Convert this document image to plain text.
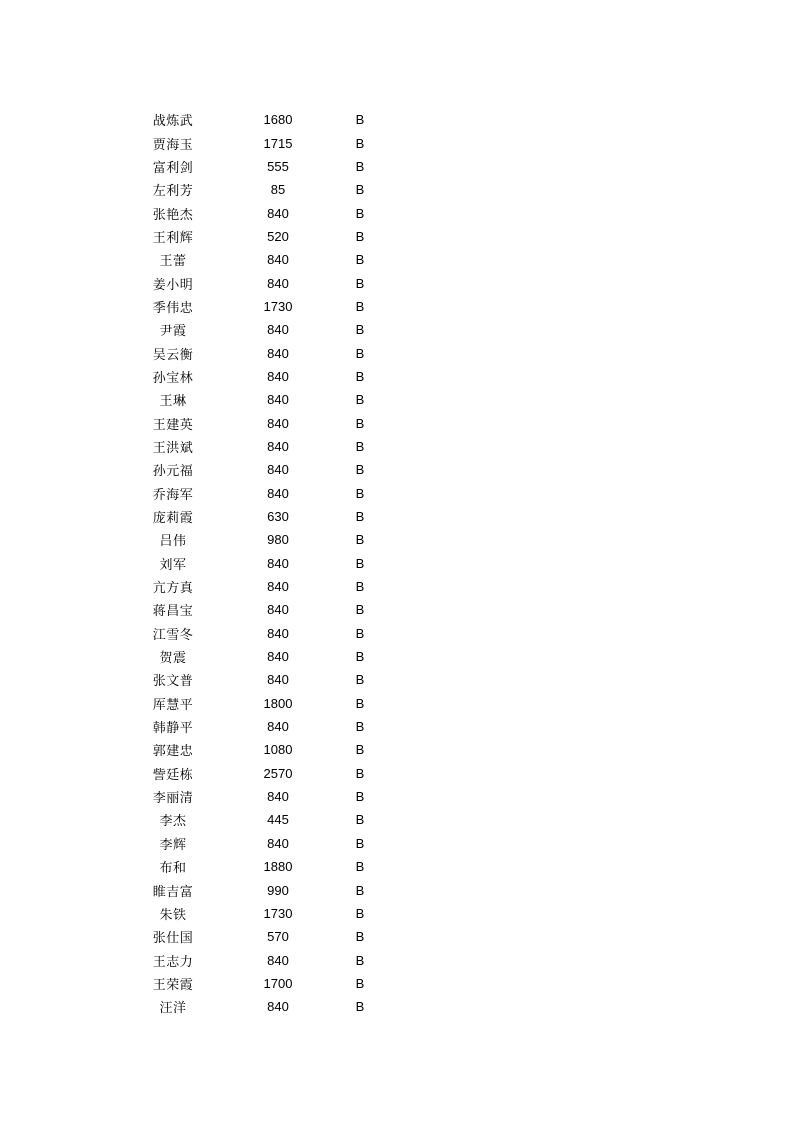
战炼武	1680	B
贾海玉	1715	B
富利剑	555	B
左利芳	85	B
张艳杰	840	B
王利辉	520	B
王蕾	840	B
姜小明	840	B
季伟忠	1730	B
尹霞	840	B
吴云衡	840	B
孙宝林	840	B
王琳	840	B
王建英	840	B
王洪斌	840	B
孙元福	840	B
乔海军	840	B
庞莉霞	630	B
吕伟	980	B
刘军	840	B
亢方真	840	B
蒋昌宝	840	B
江雪冬	840	B
贺震	840	B
张文普	840	B
厍慧平	1800	B
韩静平	840	B
郭建忠	1080	B
訾廷栋	2570	B
李丽清	840	B
李杰	445	B
李辉	840	B
布和	1880	B
睢吉富	990	B
朱铁	1730	B
张仕国	570	B
王志力	840	B
王荣霞	1700	B
汪洋	840	B
